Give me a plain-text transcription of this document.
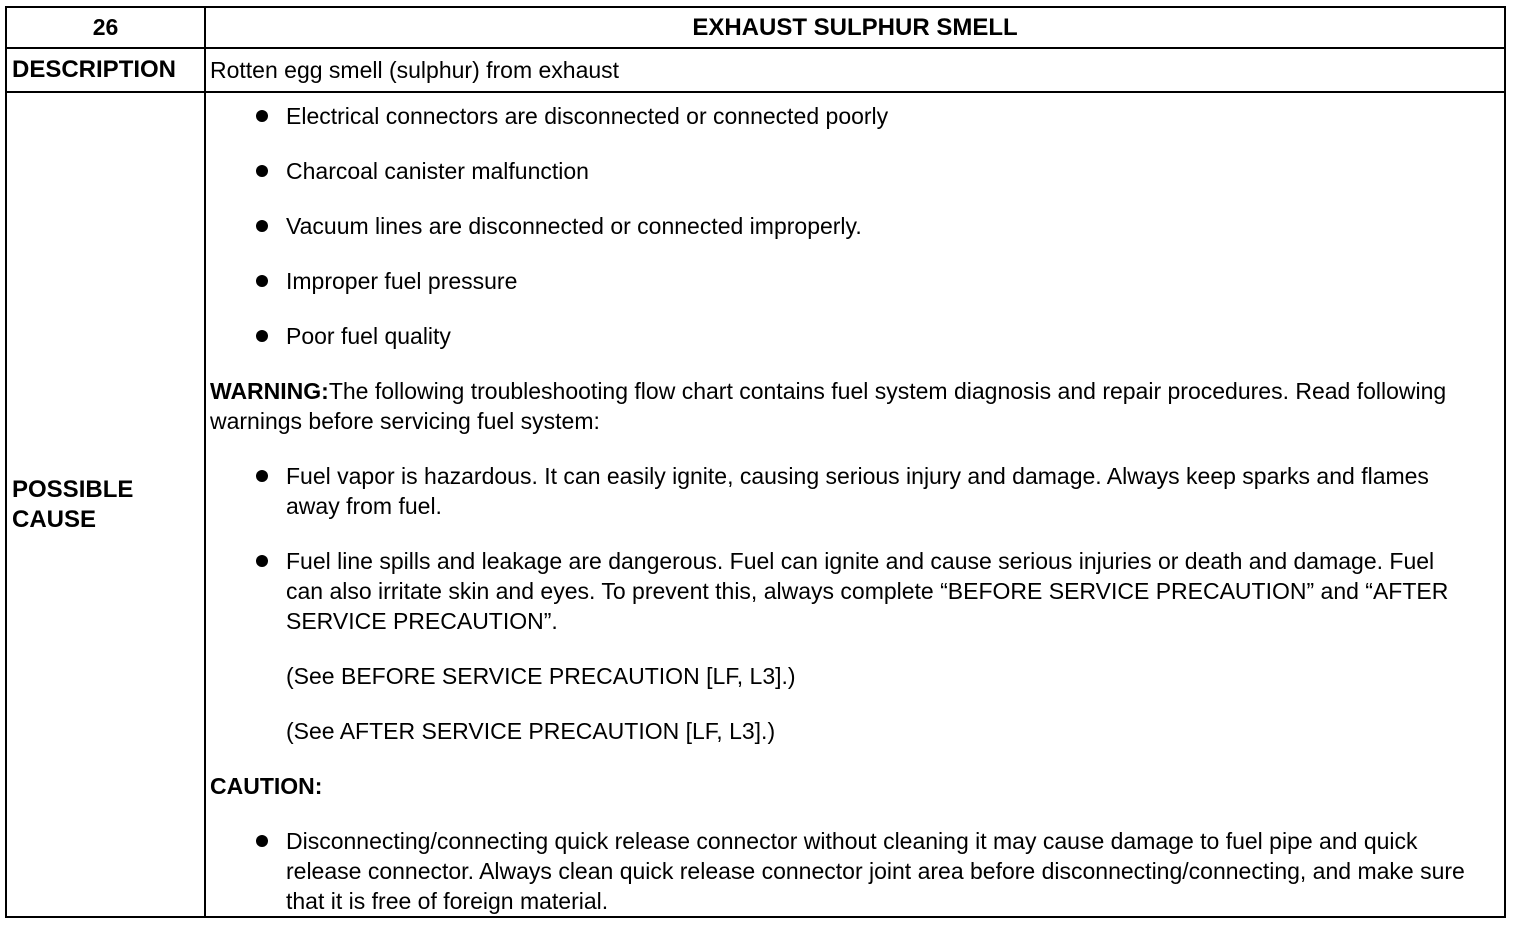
26	EXHAUST SULPHUR SMELL
DESCRIPTION	Rotten egg smell (sulphur) from exhaust
POSSIBLE
CAUSE
Electrical connectors are disconnected or connected poorly
Charcoal canister malfunction
Vacuum lines are disconnected or connected improperly.
Improper fuel pressure
Poor fuel quality
WARNING:The following troubleshooting flow chart contains fuel system diagnosis and repair procedures. Read following warnings before servicing fuel system:
Fuel vapor is hazardous. It can easily ignite, causing serious injury and damage. Always keep sparks and flames away from fuel.
Fuel line spills and leakage are dangerous. Fuel can ignite and cause serious injuries or death and damage. Fuel can also irritate skin and eyes. To prevent this, always complete “BEFORE SERVICE PRECAUTION” and “AFTER SERVICE PRECAUTION”.
(See BEFORE SERVICE PRECAUTION [LF, L3].)
(See AFTER SERVICE PRECAUTION [LF, L3].)
CAUTION:
Disconnecting/connecting quick release connector without cleaning it may cause damage to fuel pipe and quick release connector. Always clean quick release connector joint area before disconnecting/connecting, and make sure that it is free of foreign material.
